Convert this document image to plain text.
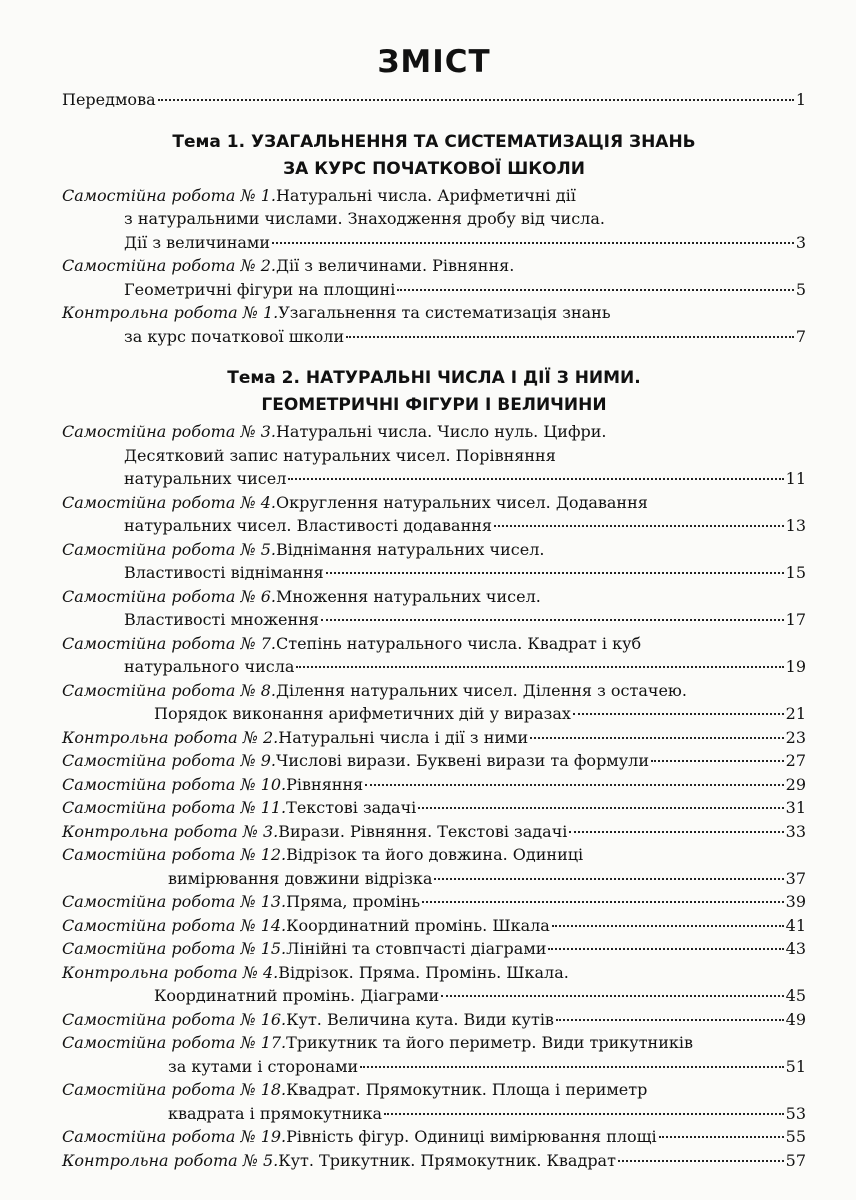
ЗМІСТ
Передмова	1
Тема 1. УЗАГАЛЬНЕННЯ ТА СИСТЕМАТИЗАЦІЯ ЗНАНЬ
ЗА КУРС ПОЧАТКОВОЇ ШКОЛИ
Самостійна робота № 1. Натуральні числа. Арифметичні дії
з натуральними числами. Знаходження дробу від числа.
Дії з величинами	3
Самостійна робота № 2. Дії з величинами. Рівняння.
Геометричні фігури на площині	5
Контрольна робота № 1. Узагальнення та систематизація знань
за курс початкової школи	7
Тема 2. НАТУРАЛЬНІ ЧИСЛА І ДІЇ З НИМИ.
ГЕОМЕТРИЧНІ ФІГУРИ І ВЕЛИЧИНИ
Самостійна робота № 3. Натуральні числа. Число нуль. Цифри.
Десятковий запис натуральних чисел. Порівняння
натуральних чисел	11
Самостійна робота № 4. Округлення натуральних чисел. Додавання
натуральних чисел. Властивості додавання	13
Самостійна робота № 5. Віднімання натуральних чисел.
Властивості віднімання	15
Самостійна робота № 6. Множення натуральних чисел.
Властивості множення	17
Самостійна робота № 7. Степінь натурального числа. Квадрат і куб
натурального числа	19
Самостійна робота № 8. Ділення натуральних чисел. Ділення з остачею.
Порядок виконання арифметичних дій у виразах	21
Контрольна робота № 2. Натуральні числа і дії з ними	23
Самостійна робота № 9. Числові вирази. Буквені вирази та формули	27
Самостійна робота № 10. Рівняння	29
Самостійна робота № 11. Текстові задачі	31
Контрольна робота № 3. Вирази. Рівняння. Текстові задачі	33
Самостійна робота № 12. Відрізок та його довжина. Одиниці
вимірювання довжини відрізка	37
Самостійна робота № 13. Пряма, промінь	39
Самостійна робота № 14. Координатний промінь. Шкала	41
Самостійна робота № 15. Лінійні та стовпчасті діаграми	43
Контрольна робота № 4. Відрізок. Пряма. Промінь. Шкала.
Координатний промінь. Діаграми	45
Самостійна робота № 16. Кут. Величина кута. Види кутів	49
Самостійна робота № 17. Трикутник та його периметр. Види трикутників
за кутами і сторонами	51
Самостійна робота № 18. Квадрат. Прямокутник. Площа і периметр
квадрата і прямокутника	53
Самостійна робота № 19. Рівність фігур. Одиниці вимірювання площі	55
Контрольна робота № 5. Кут. Трикутник. Прямокутник. Квадрат	57
